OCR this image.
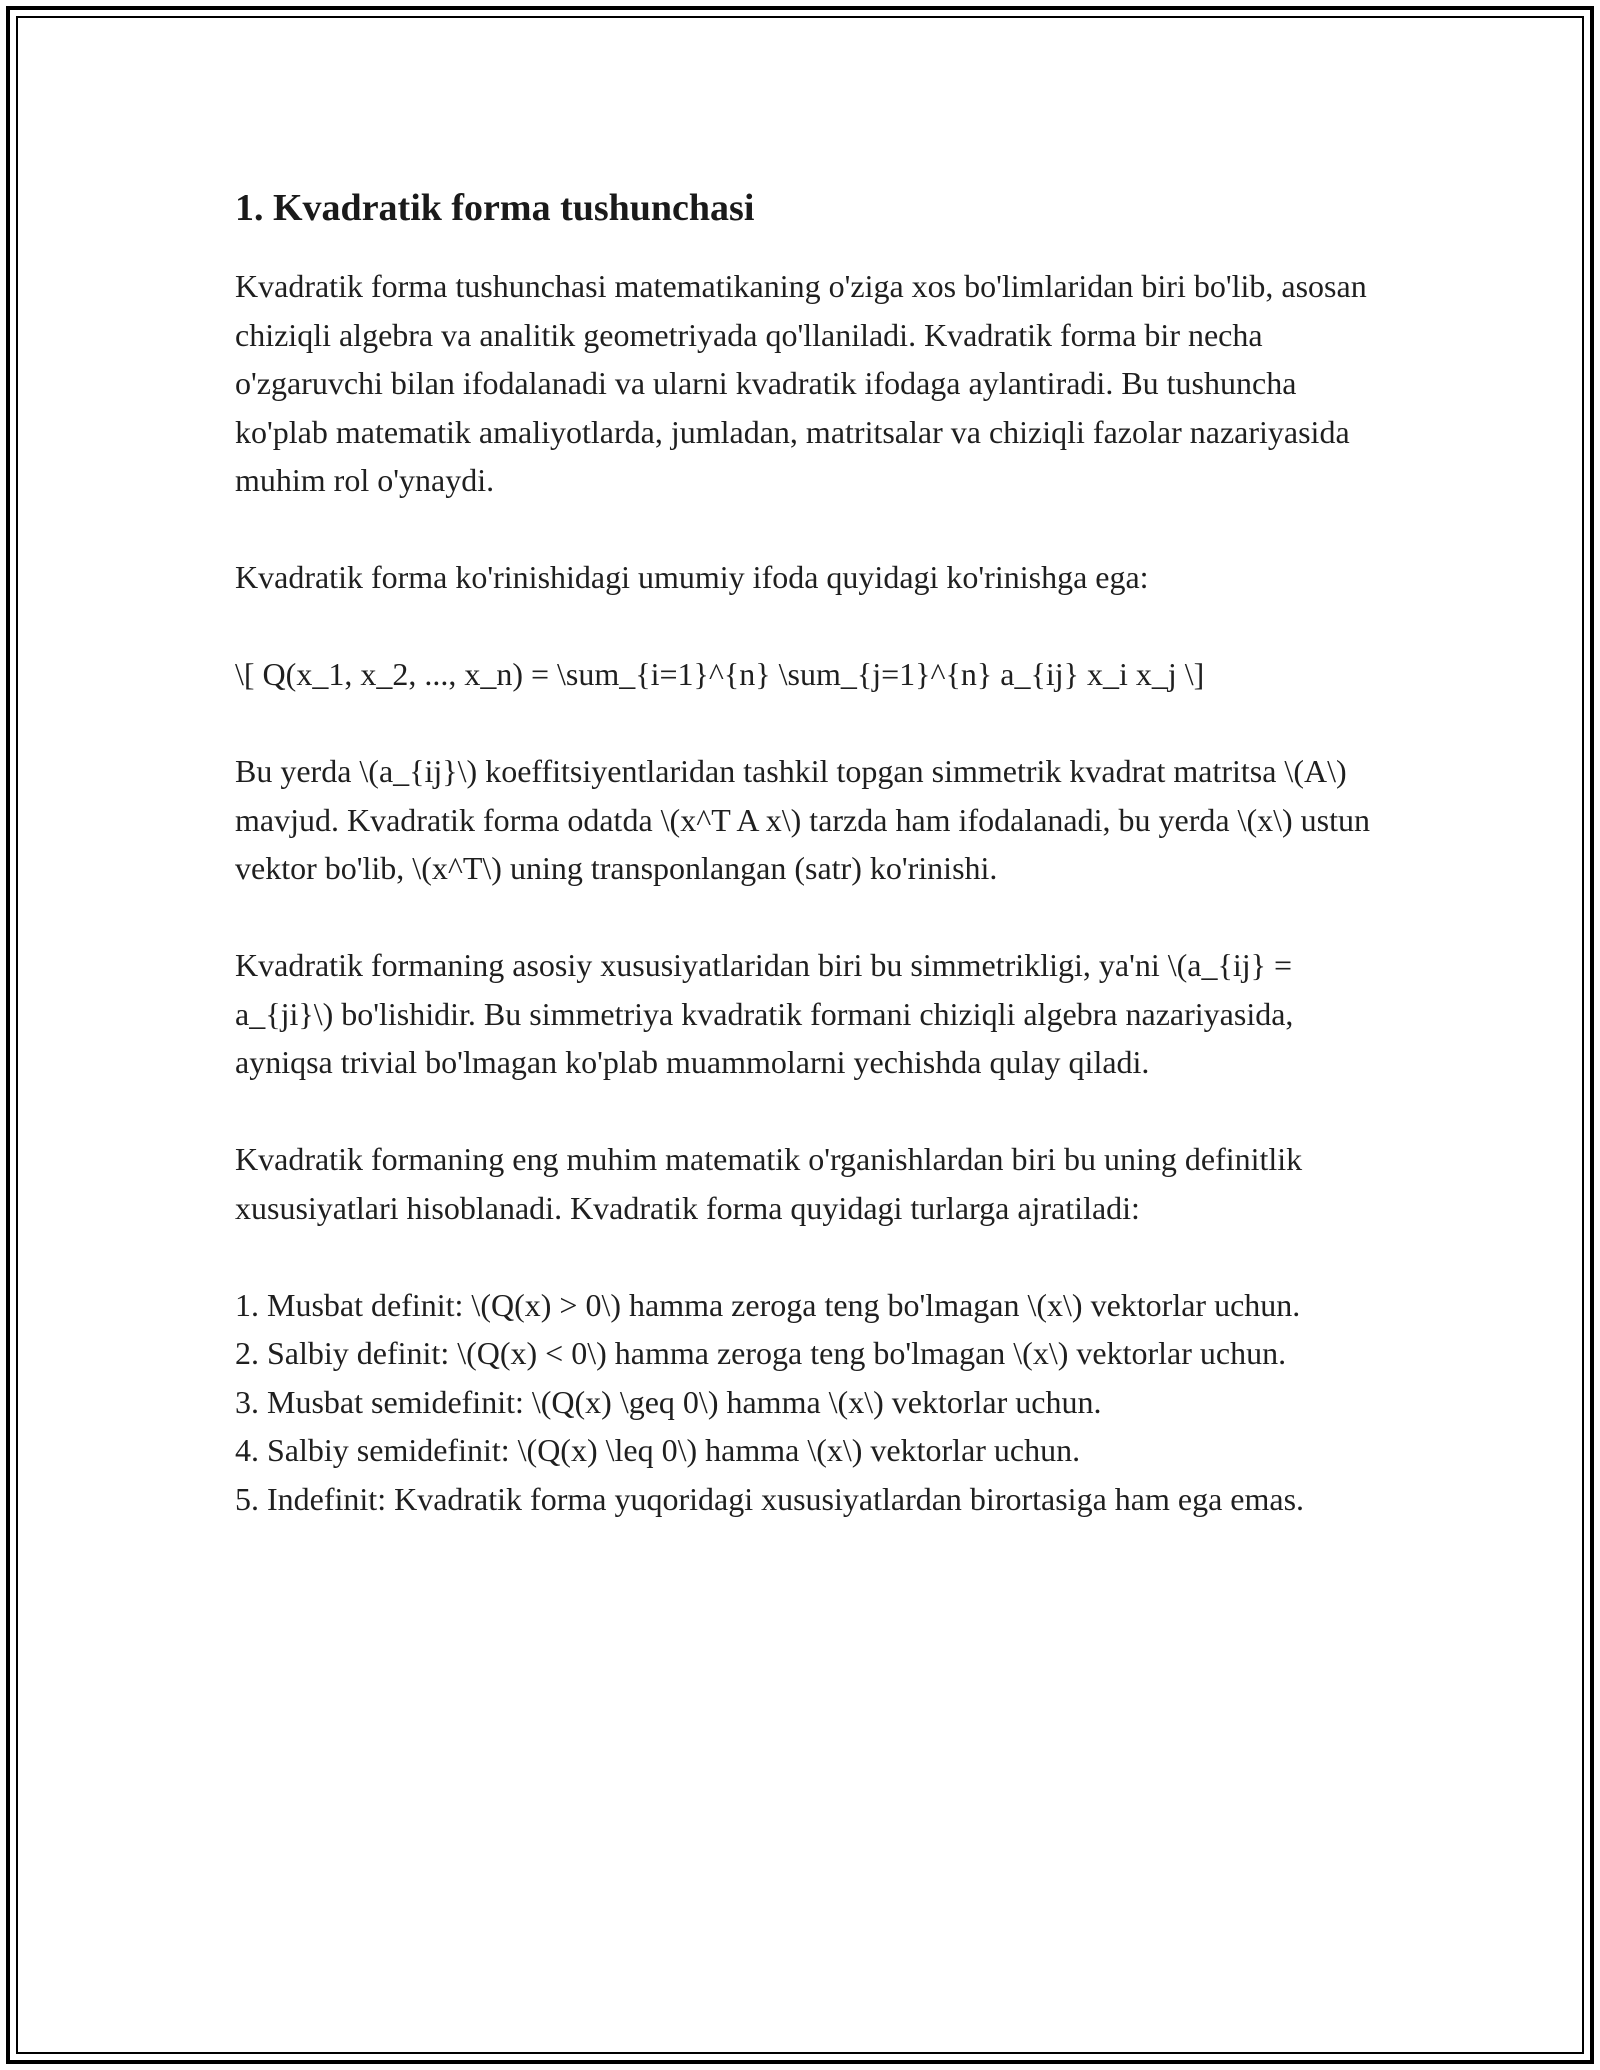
1. Kvadratik forma tushunchasi

Kvadratik forma tushunchasi matematikaning o'ziga xos bo'limlaridan biri bo'lib, asosan chiziqli algebra va analitik geometriyada qo'llaniladi. Kvadratik forma bir necha o'zgaruvchi bilan ifodalanadi va ularni kvadratik ifodaga aylantiradi. Bu tushuncha ko'plab matematik amaliyotlarda, jumladan, matritsalar va chiziqli fazolar nazariyasida muhim rol o'ynaydi.

Kvadratik forma ko'rinishidagi umumiy ifoda quyidagi ko'rinishga ega:

\[ Q(x_1, x_2, ..., x_n) = \sum_{i=1}^{n} \sum_{j=1}^{n} a_{ij} x_i x_j \]

Bu yerda \(a_{ij}\) koeffitsiyentlaridan tashkil topgan simmetrik kvadrat matritsa \(A\) mavjud. Kvadratik forma odatda \(x^T A x\) tarzda ham ifodalanadi, bu yerda \(x\) ustun vektor bo'lib, \(x^T\) uning transponlangan (satr) ko'rinishi.

Kvadratik formaning asosiy xususiyatlaridan biri bu simmetrikligi, ya'ni \(a_{ij} = a_{ji}\) bo'lishidir. Bu simmetriya kvadratik formani chiziqli algebra nazariyasida, ayniqsa trivial bo'lmagan ko'plab muammolarni yechishda qulay qiladi.

Kvadratik formaning eng muhim matematik o'rganishlardan biri bu uning definitlik xususiyatlari hisoblanadi. Kvadratik forma quyidagi turlarga ajratiladi:

1. Musbat definit: \(Q(x) > 0\) hamma zeroga teng bo'lmagan \(x\) vektorlar uchun.
2. Salbiy definit: \(Q(x) < 0\) hamma zeroga teng bo'lmagan \(x\) vektorlar uchun.
3. Musbat semidefinit: \(Q(x) \geq 0\) hamma \(x\) vektorlar uchun.
4. Salbiy semidefinit: \(Q(x) \leq 0\) hamma \(x\) vektorlar uchun.
5. Indefinit: Kvadratik forma yuqoridagi xususiyatlardan birortasiga ham ega emas.
